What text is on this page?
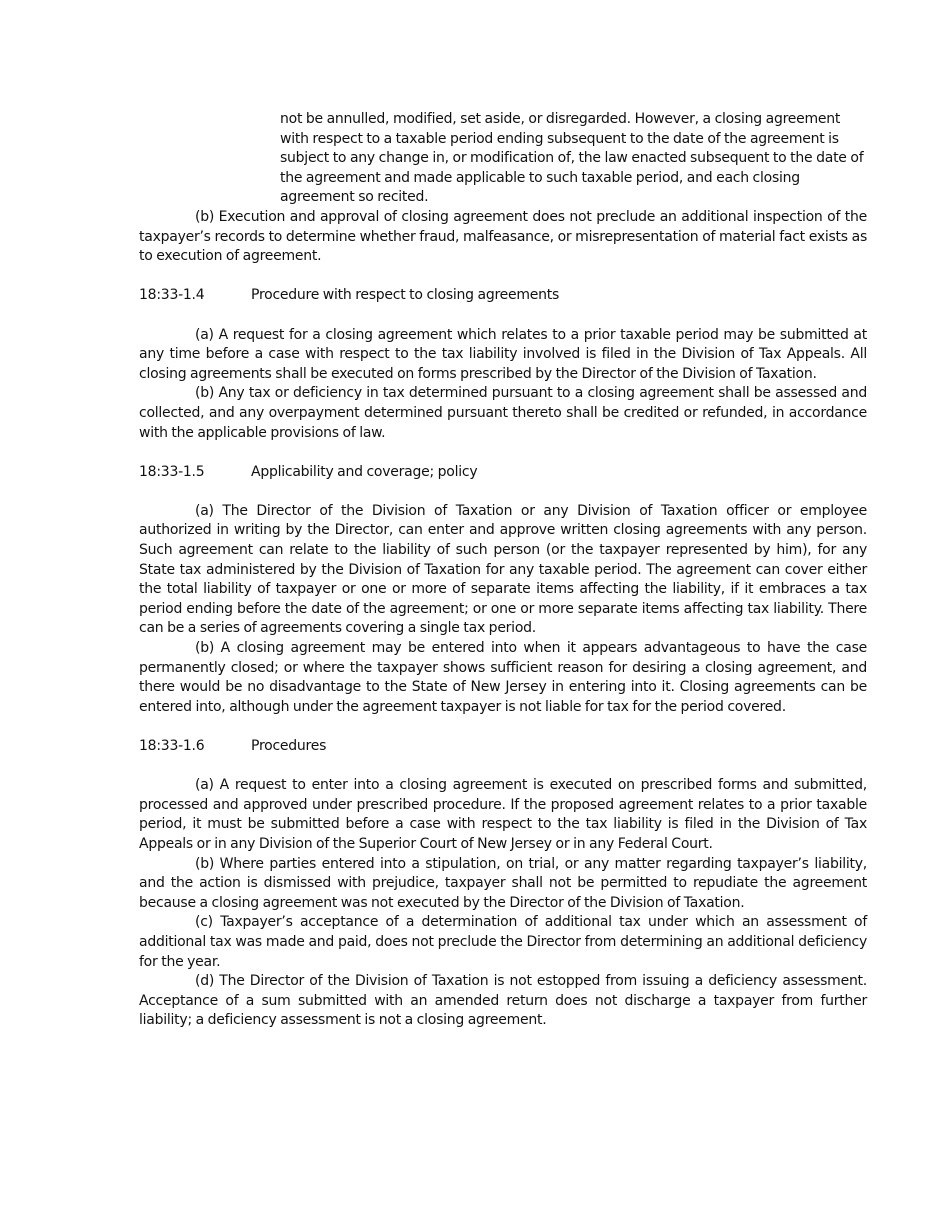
not be annulled, modified, set aside, or disregarded. However, a closing agreement with respect to a taxable period ending subsequent to the date of the agreement is subject to any change in, or modification of, the law enacted subsequent to the date of the agreement and made applicable to such taxable period, and each closing agreement so recited.

(b) Execution and approval of closing agreement does not preclude an additional inspection of the taxpayer’s records to determine whether fraud, malfeasance, or misrepresentation of material fact exists as to execution of agreement.

18:33-1.4	Procedure with respect to closing agreements

(a) A request for a closing agreement which relates to a prior taxable period may be submitted at any time before a case with respect to the tax liability involved is filed in the Division of Tax Appeals. All closing agreements shall be executed on forms prescribed by the Director of the Division of Taxation.

(b) Any tax or deficiency in tax determined pursuant to a closing agreement shall be assessed and collected, and any overpayment determined pursuant thereto shall be credited or refunded, in accordance with the applicable provisions of law.

18:33-1.5	Applicability and coverage; policy

(a) The Director of the Division of Taxation or any Division of Taxation officer or employee authorized in writing by the Director, can enter and approve written closing agreements with any person. Such agreement can relate to the liability of such person (or the taxpayer represented by him), for any State tax administered by the Division of Taxation for any taxable period. The agreement can cover either the total liability of taxpayer or one or more of separate items affecting the liability, if it embraces a tax period ending before the date of the agreement; or one or more separate items affecting tax liability. There can be a series of agreements covering a single tax period.

(b) A closing agreement may be entered into when it appears advantageous to have the case permanently closed; or where the taxpayer shows sufficient reason for desiring a closing agreement, and there would be no disadvantage to the State of New Jersey in entering into it. Closing agreements can be entered into, although under the agreement taxpayer is not liable for tax for the period covered.

18:33-1.6	Procedures

(a) A request to enter into a closing agreement is executed on prescribed forms and submitted, processed and approved under prescribed procedure. If the proposed agreement relates to a prior taxable period, it must be submitted before a case with respect to the tax liability is filed in the Division of Tax Appeals or in any Division of the Superior Court of New Jersey or in any Federal Court.

(b) Where parties entered into a stipulation, on trial, or any matter regarding taxpayer’s liability, and the action is dismissed with prejudice, taxpayer shall not be permitted to repudiate the agreement because a closing agreement was not executed by the Director of the Division of Taxation.

(c) Taxpayer’s acceptance of a determination of additional tax under which an assessment of additional tax was made and paid, does not preclude the Director from determining an additional deficiency for the year.

(d) The Director of the Division of Taxation is not estopped from issuing a deficiency assessment. Acceptance of a sum submitted with an amended return does not discharge a taxpayer from further liability; a deficiency assessment is not a closing agreement.
